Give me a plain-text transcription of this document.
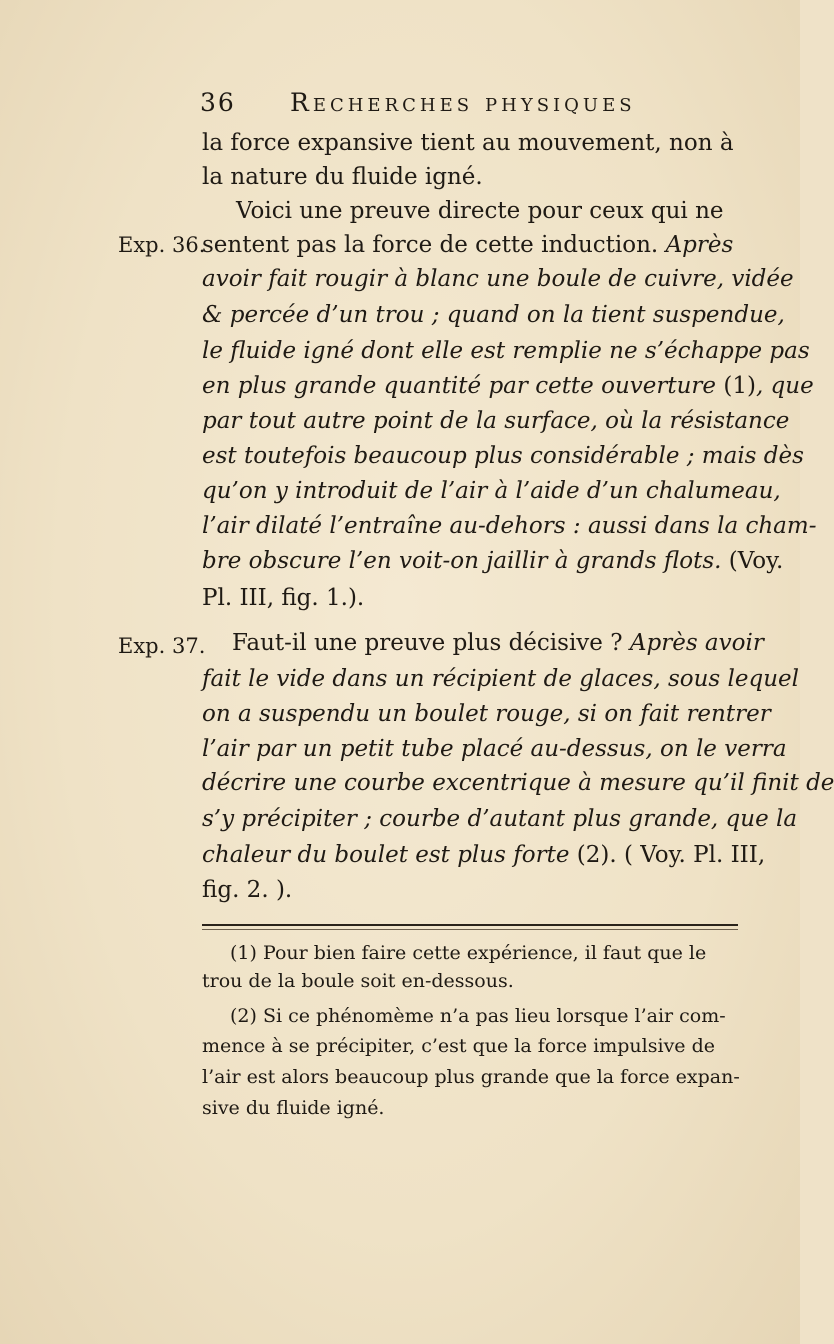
36 Recherches physiques
la force expansive tient au mouvement, non à
la nature du fluide igné.
Voici une preuve directe pour ceux qui ne
Exp. 36.
sentent pas la force de cette induction. Après
avoir fait rougir à blanc une boule de cuivre, vidée
& percée d’un trou ; quand on la tient suspendue,
le fluide igné dont elle est remplie ne s’échappe pas
en plus grande quantité par cette ouverture (1), que
par tout autre point de la surface, où la résistance
est toutefois beaucoup plus considérable ; mais dès
qu’on y introduit de l’air à l’aide d’un chalumeau,
l’air dilaté l’entraîne au-dehors : aussi dans la cham-
bre obscure l’en voit-on jaillir à grands flots. (Voy.
Pl. III, fig. 1.).
Exp. 37. Faut-il une preuve plus décisive ? Après avoir
fait le vide dans un récipient de glaces, sous lequel
on a suspendu un boulet rouge, si on fait rentrer
l’air par un petit tube placé au-dessus, on le verra
décrire une courbe excentrique à mesure qu’il finit de
s’y précipiter ; courbe d’autant plus grande, que la
chaleur du boulet est plus forte (2). ( Voy. Pl. III,
fig. 2. ).
(1) Pour bien faire cette expérience, il faut que le
trou de la boule soit en-dessous.
(2) Si ce phénomème n’a pas lieu lorsque l’air com-
mence à se précipiter, c’est que la force impulsive de
l’air est alors beaucoup plus grande que la force expan-
sive du fluide igné.
